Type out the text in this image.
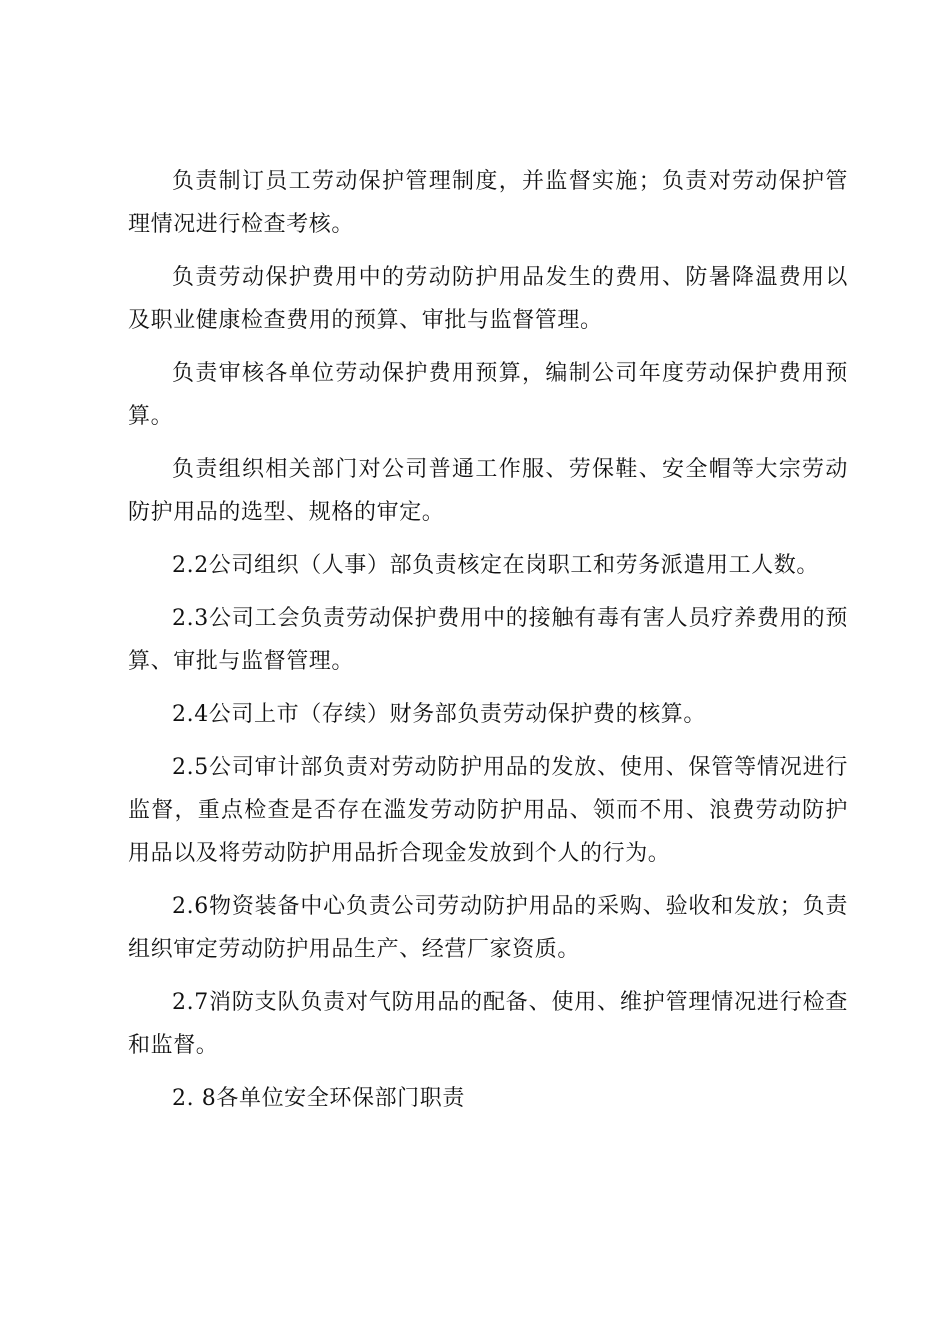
负责制订员工劳动保护管理制度，并监督实施；负责对劳动保护管理情况进行检查考核。

负责劳动保护费用中的劳动防护用品发生的费用、防暑降温费用以及职业健康检查费用的预算、审批与监督管理。

负责审核各单位劳动保护费用预算，编制公司年度劳动保护费用预算。

负责组织相关部门对公司普通工作服、劳保鞋、安全帽等大宗劳动防护用品的选型、规格的审定。

2.2公司组织（人事）部负责核定在岗职工和劳务派遣用工人数。

2.3公司工会负责劳动保护费用中的接触有毒有害人员疗养费用的预算、审批与监督管理。

2.4公司上市（存续）财务部负责劳动保护费的核算。

2.5公司审计部负责对劳动防护用品的发放、使用、保管等情况进行监督，重点检查是否存在滥发劳动防护用品、领而不用、浪费劳动防护用品以及将劳动防护用品折合现金发放到个人的行为。

2.6物资装备中心负责公司劳动防护用品的采购、验收和发放；负责组织审定劳动防护用品生产、经营厂家资质。

2.7消防支队负责对气防用品的配备、使用、维护管理情况进行检查和监督。

2. 8各单位安全环保部门职责
